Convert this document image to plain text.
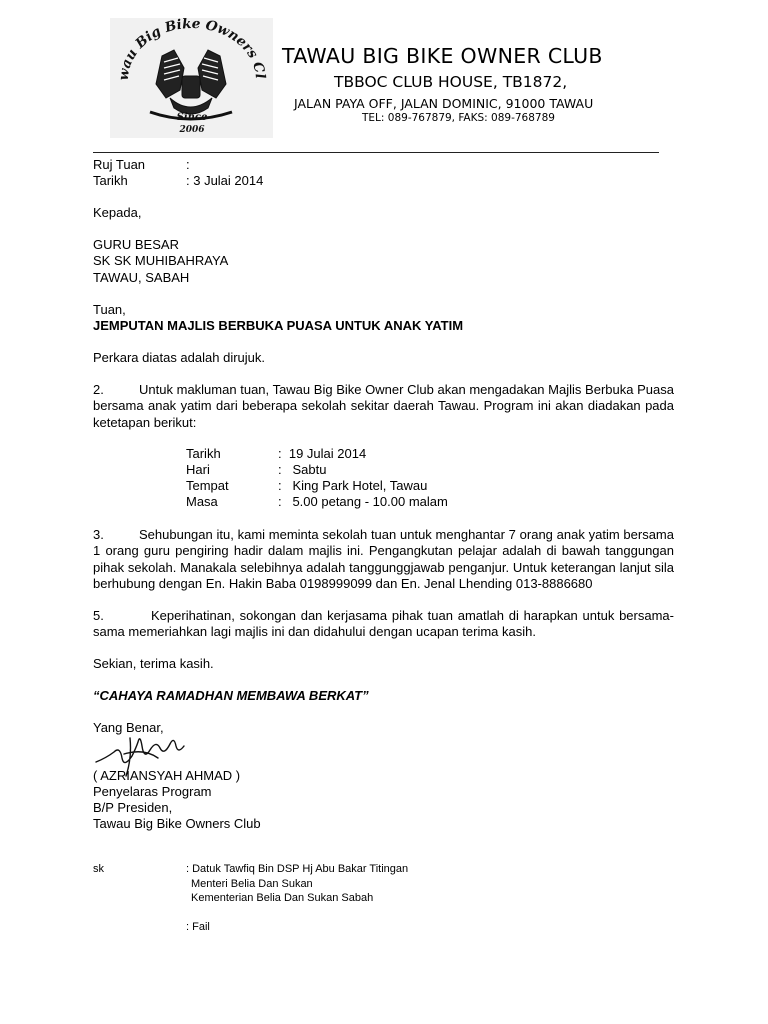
wau Big Bike Owners Cl
Since
2006
TAWAU BIG BIKE OWNER CLUB
TBBOC CLUB HOUSE, TB1872,
JALAN PAYA OFF, JALAN DOMINIC, 91000 TAWAU
TEL: 089-767879, FAKS: 089-768789
Ruj Tuan	:
Tarikh	: 3 Julai 2014
Kepada,
GURU BESAR
SK SK MUHIBAHRAYA
TAWAU, SABAH
Tuan,
JEMPUTAN MAJLIS BERBUKA PUASA UNTUK ANAK YATIM
Perkara diatas adalah dirujuk.
2.	Untuk makluman tuan, Tawau Big Bike Owner Club akan mengadakan Majlis Berbuka Puasa bersama anak yatim dari beberapa sekolah sekitar daerah Tawau. Program ini akan diadakan pada ketetapan berikut:
Tarikh	:  19 Julai 2014
Hari	:   Sabtu
Tempat	:   King Park Hotel, Tawau
Masa	:   5.00 petang - 10.00 malam
3.	Sehubungan itu, kami meminta sekolah tuan untuk menghantar 7 orang anak yatim bersama 1 orang guru pengiring hadir dalam majlis ini. Pengangkutan pelajar adalah di bawah tanggungan pihak sekolah. Manakala selebihnya adalah tanggunggjawab penganjur. Untuk keterangan lanjut sila berhubung dengan En. Hakin Baba 0198999099 dan En. Jenal Lhending 013-8886680
5.	Keperihatinan, sokongan dan kerjasama pihak tuan amatlah di harapkan untuk bersama-sama memeriahkan lagi majlis ini dan didahului dengan ucapan terima kasih.
Sekian, terima kasih.
“CAHAYA RAMADHAN MEMBAWA BERKAT”
Yang Benar,
( AZRIANSYAH AHMAD )
Penyelaras Program
B/P Presiden,
Tawau Big Bike Owners Club
sk	: Datuk Tawfiq Bin DSP Hj Abu Bakar Titingan
Menteri Belia Dan Sukan
Kementerian Belia Dan Sukan Sabah
: Fail
